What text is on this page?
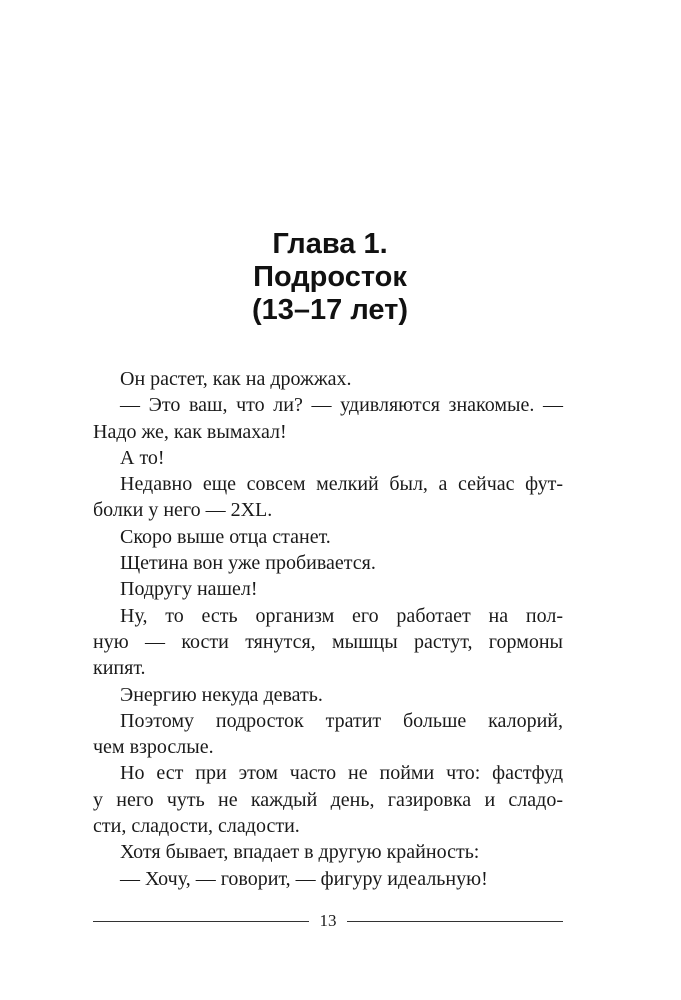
Глава 1.
Подросток
(13–17 лет)
Он растет, как на дрожжах.
— Это ваш, что ли? — удивляются знакомые. —
Надо же, как вымахал!
А то!
Недавно еще совсем мелкий был, а сейчас фут-
болки у него — 2XL.
Скоро выше отца станет.
Щетина вон уже пробивается.
Подругу нашел!
Ну, то есть организм его работает на пол-
ную — кости тянутся, мышцы растут, гормоны
кипят.
Энергию некуда девать.
Поэтому подросток тратит больше калорий,
чем взрослые.
Но ест при этом часто не пойми что: фастфуд
у него чуть не каждый день, газировка и сладо-
сти, сладости, сладости.
Хотя бывает, впадает в другую крайность:
— Хочу, — говорит, — фигуру идеальную!
13
